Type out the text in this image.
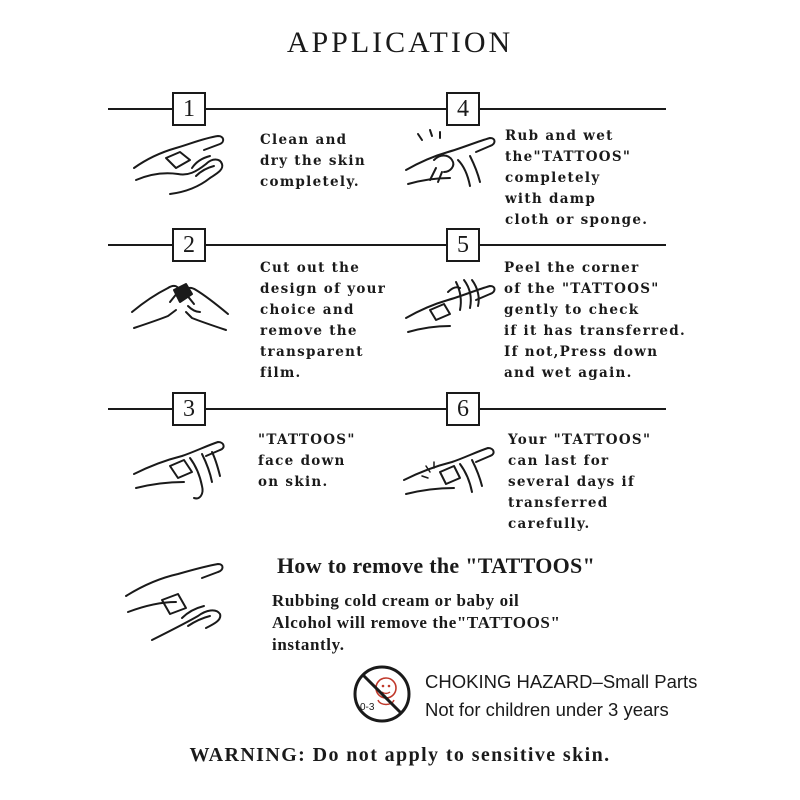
APPLICATION
1
2
3
4
5
6
Clean and
dry the skin
completely.
Cut out the
design of your
choice and
remove the
transparent
film.
"TATTOOS"
face down
on skin.
Rub and wet
the"TATTOOS"
completely
with damp
cloth or sponge.
Peel the corner
of the "TATTOOS"
gently to check
if it has transferred.
If not,Press down
and wet again.
Your "TATTOOS"
can last for
several days if
transferred
carefully.
How to remove the "TATTOOS"
Rubbing cold cream or baby oil
Alcohol will remove the"TATTOOS"
instantly.
0-3
CHOKING HAZARD–Small Parts
Not for children under 3 years
WARNING: Do not apply to sensitive skin.
